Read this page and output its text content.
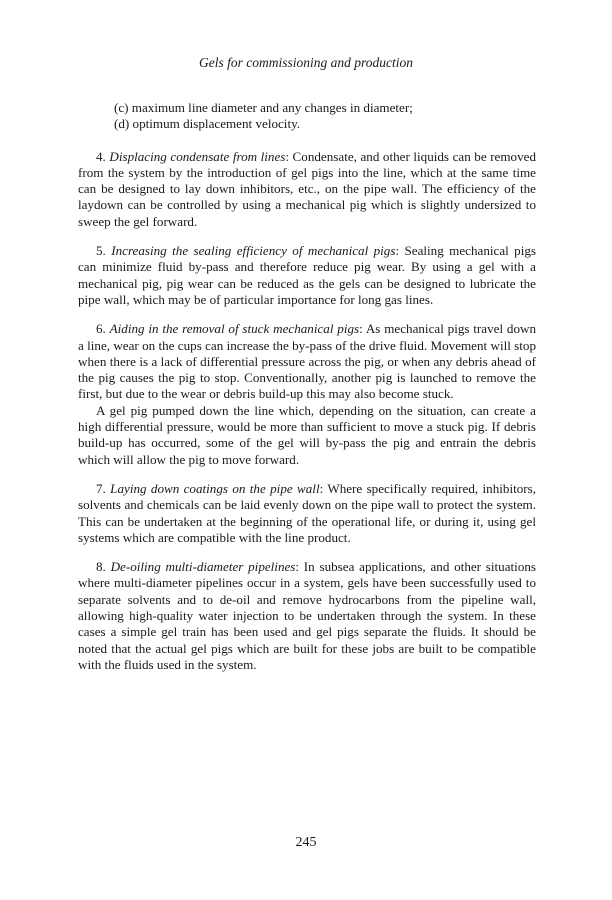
Gels for commissioning and production

(c) maximum line diameter and any changes in diameter;

(d) optimum displacement velocity.

4. Displacing condensate from lines: Condensate, and other liquids can be removed from the system by the introduction of gel pigs into the line, which at the same time can be designed to lay down inhibitors, etc., on the pipe wall. The efficiency of the laydown can be controlled by using a mechanical pig which is slightly undersized to sweep the gel forward.

5. Increasing the sealing efficiency of mechanical pigs: Sealing mechanical pigs can minimize fluid by-pass and therefore reduce pig wear. By using a gel with a mechanical pig, pig wear can be reduced as the gels can be designed to lubricate the pipe wall, which may be of particular importance for long gas lines.

6. Aiding in the removal of stuck mechanical pigs: As mechanical pigs travel down a line, wear on the cups can increase the by-pass of the drive fluid. Movement will stop when there is a lack of differential pressure across the pig, or when any debris ahead of the pig causes the pig to stop. Conventionally, another pig is launched to remove the first, but due to the wear or debris build-up this may also become stuck.

A gel pig pumped down the line which, depending on the situation, can create a high differential pressure, would be more than sufficient to move a stuck pig. If debris build-up has occurred, some of the gel will by-pass the pig and entrain the debris which will allow the pig to move forward.

7. Laying down coatings on the pipe wall: Where specifically required, inhibitors, solvents and chemicals can be laid evenly down on the pipe wall to protect the system. This can be undertaken at the beginning of the operational life, or during it, using gel systems which are compatible with the line product.

8. De-oiling multi-diameter pipelines: In subsea applications, and other situations where multi-diameter pipelines occur in a system, gels have been successfully used to separate solvents and to de-oil and remove hydrocarbons from the pipeline wall, allowing high-quality water injection to be undertaken through the system. In these cases a simple gel train has been used and gel pigs separate the fluids. It should be noted that the actual gel pigs which are built for these jobs are built to be compatible with the fluids used in the system.

245
